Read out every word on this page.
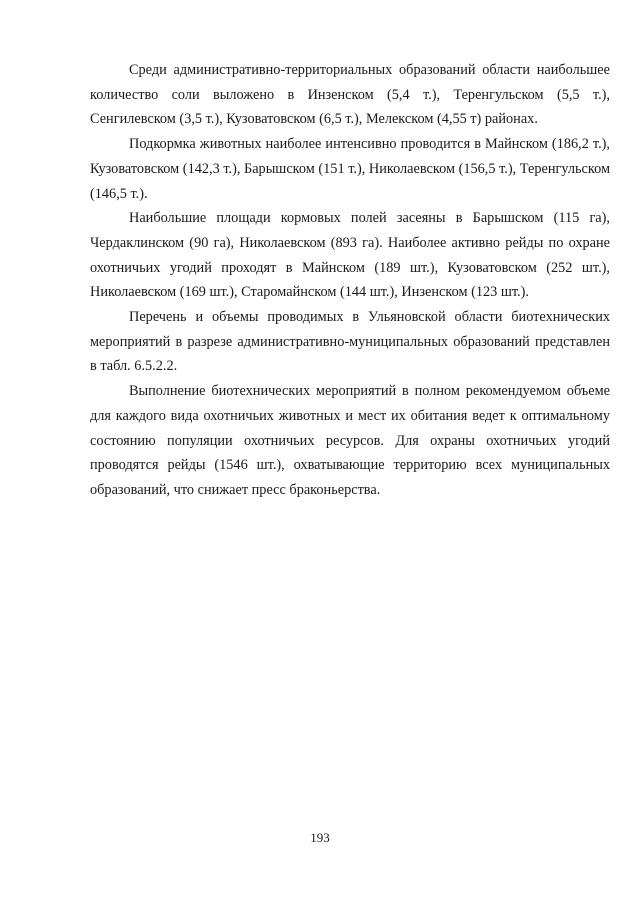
Среди административно-территориальных образований области наибольшее количество соли выложено в Инзенском (5,4 т.), Теренгульском (5,5 т.), Сенгилевском (3,5 т.), Кузоватовском (6,5 т.), Мелекском (4,55 т) районах.

Подкормка животных наиболее интенсивно проводится в Майнском (186,2 т.), Кузоватовском (142,3 т.), Барышском (151 т.), Николаевском (156,5 т.), Теренгульском (146,5 т.).

Наибольшие площади кормовых полей засеяны в Барышском (115 га), Чердаклинском (90 га), Николаевском (893 га). Наиболее активно рейды по охране охотничьих угодий проходят в Майнском (189 шт.), Кузоватовском (252 шт.), Николаевском (169 шт.), Старомайнском (144 шт.), Инзенском (123 шт.).

Перечень и объемы проводимых в Ульяновской области биотехнических мероприятий в разрезе административно-муниципальных образований представлен в табл. 6.5.2.2.

Выполнение биотехнических мероприятий в полном рекомендуемом объеме для каждого вида охотничьих животных и мест их обитания ведет к оптимальному состоянию популяции охотничьих ресурсов. Для охраны охотничьих угодий проводятся рейды (1546 шт.), охватывающие территорию всех муниципальных образований, что снижает пресс браконьерства.

193
